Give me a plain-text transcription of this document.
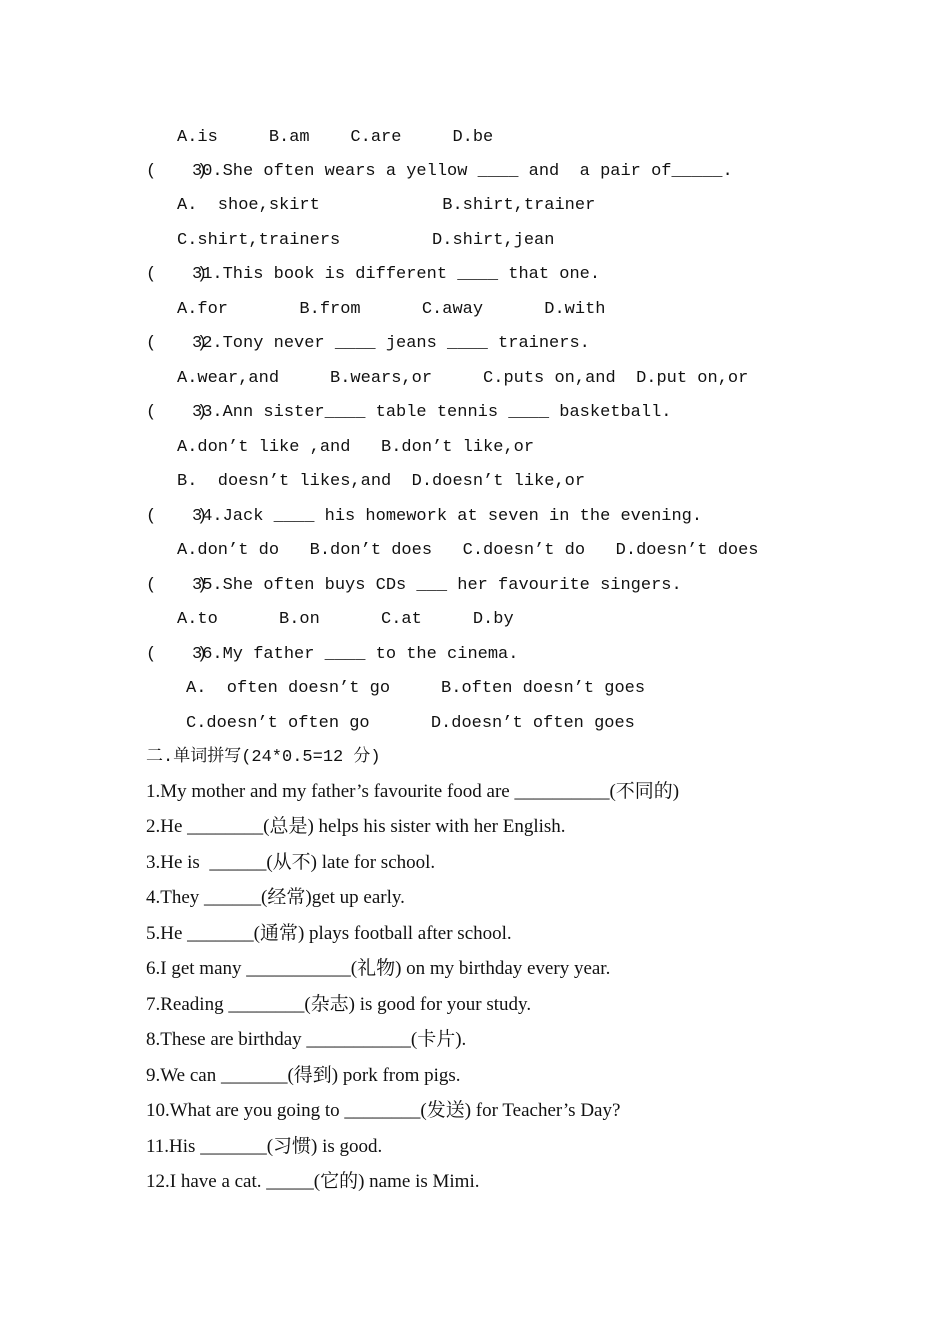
A.is     B.am    C.are     D.be
(    )
30.She often wears a yellow ____ and  a pair of_____.
A.  shoe,skirt            B.shirt,trainer
C.shirt,trainers         D.shirt,jean
(    )
31.This book is different ____ that one.
A.for       B.from      C.away      D.with
(    )
32.Tony never ____ jeans ____ trainers.
A.wear,and     B.wears,or     C.puts on,and  D.put on,or
(    )
33.Ann sister____ table tennis ____ basketball.
A.don’t like ,and   B.don’t like,or
B.  doesn’t likes,and  D.doesn’t like,or
(    )
34.Jack ____ his homework at seven in the evening.
A.don’t do   B.don’t does   C.doesn’t do   D.doesn’t does
(    )
35.She often buys CDs ___ her favourite singers.
A.to      B.on      C.at     D.by
(    )
36.My father ____ to the cinema.
A.  often doesn’t go     B.often doesn’t goes
C.doesn’t often go      D.doesn’t often goes
二.单词拼写(24*0.5=12 分)
1.My mother and my father’s favourite food are __________(不同的)
2.He ________(总是) helps his sister with her English.
3.He is  ______(从不) late for school.
4.They ______(经常)get up early.
5.He _______(通常) plays football after school.
6.I get many ___________(礼物) on my birthday every year.
7.Reading ________(杂志) is good for your study.
8.These are birthday ___________(卡片).
9.We can _______(得到) pork from pigs.
10.What are you going to ________(发送) for Teacher’s Day?
11.His _______(习惯) is good.
12.I have a cat. _____(它的) name is Mimi.
